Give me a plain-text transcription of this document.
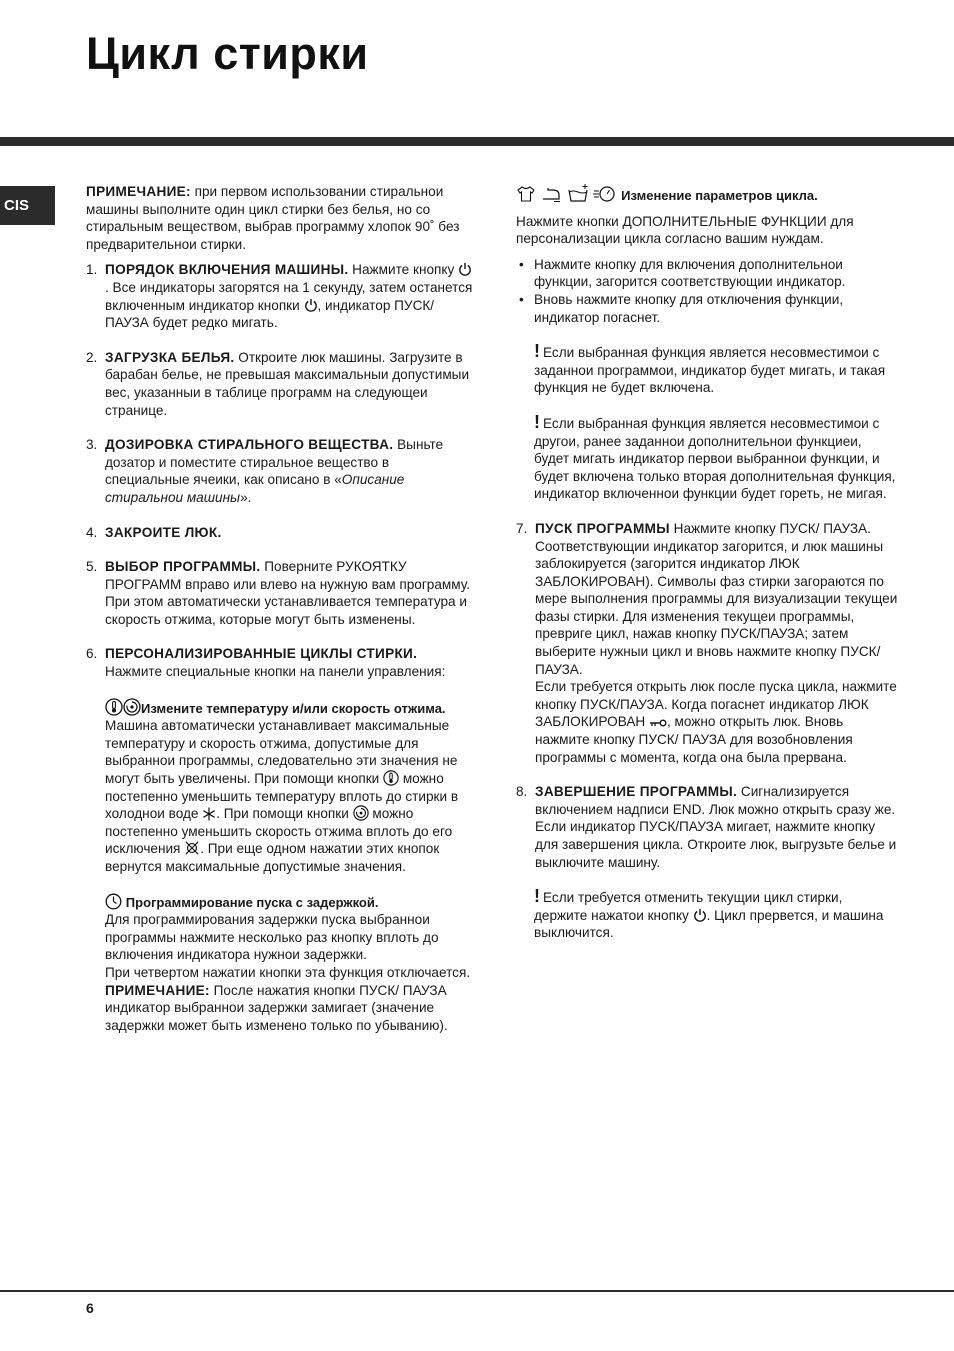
Цикл стирки
CIS

ПРИМЕЧАНИЕ: при первом использовании стиральнои машины выполните один цикл стирки без белья, но со стиральным веществом, выбрав программу хлопок 90˚ без предварительнои стирки.

1. ПОРЯДОК ВКЛЮЧЕНИЯ МАШИНЫ. Нажмите кнопку . Все индикаторы загорятся на 1 секунду, затем останется включенным индикатор кнопки , индикатор ПУСК/ПАУЗА будет редко мигать.
2. ЗАГРУЗКА БЕЛЬЯ. Откроите люк машины. Загрузите в барабан белье, не превышая максимальныи допустимыи вес, указанныи в таблице программ на следующеи странице.
3. ДОЗИРОВКА СТИРАЛЬНОГО ВЕЩЕСТВА. Выньте дозатор и поместите стиральное вещество в специальные ячеики, как описано в «Описание стиральнои машины».
4. ЗАКРОИТЕ ЛЮК.
5. ВЫБОР ПРОГРАММЫ. Поверните РУКОЯТКУ ПРОГРАММ вправо или влево на нужную вам программу. При этом автоматически устанавливается температура и скорость отжима, которые могут быть изменены.
6. ПЕРСОНАЛИЗИРОВАННЫЕ ЦИКЛЫ СТИРКИ. Нажмите специальные кнопки на панели управления:

Измените температуру и/или скорость отжима.
Машина автоматически устанавливает максимальные температуру и скорость отжима, допустимые для выбраннои программы, следовательно эти значения не могут быть увеличены. При помощи кнопки  можно постепенно уменьшить температуру вплоть до стирки в холоднои воде . При помощи кнопки  можно постепенно уменьшить скорость отжима вплоть до его исключения . При еще одном нажатии этих кнопок вернутся максимальные допустимые значения.

Программирование пуска с задержкой.
Для программирования задержки пуска выбраннои программы нажмите несколько раз кнопку вплоть до включения индикатора нужнои задержки.
При четвертом нажатии кнопки эта функция отключается.
ПРИМЕЧАНИЕ: После нажатия кнопки ПУСК/ ПАУЗА индикатор выбраннои задержки замигает (значение задержки может быть изменено только по убыванию).

Изменение параметров цикла.

Нажмите кнопки ДОПОЛНИТЕЛЬНЫЕ ФУНКЦИИ для персонализации цикла согласно вашим нуждам.

• Нажмите кнопку для включения дополнительнои функции, загорится соответствующии индикатор.
• Вновь нажмите кнопку для отключения функции, индикатор погаснет.
! Если выбранная функция является несовместимои с заданнои программои, индикатор будет мигать, и такая функция не будет включена.
! Если выбранная функция является несовместимои с другои, ранее заданнои дополнительнои функциеи, будет мигать индикатор первои выбраннои функции, и будет включена только вторая дополнительная функция, индикатор включеннои функции будет гореть, не мигая.
7. ПУСК ПРОГРАММЫ Нажмите кнопку ПУСК/ ПАУЗА. Соответствующии индикатор загорится, и люк машины заблокируется (загорится индикатор ЛЮК ЗАБЛОКИРОВАН). Символы фаз стирки загораются по мере выполнения программы для визуализации текущеи фазы стирки. Для изменения текущеи программы, превриге цикл, нажав кнопку ПУСК/ПАУЗА; затем выберите нужныи цикл и вновь нажмите кнопку ПУСК/ПАУЗА.
Если требуется открыть люк после пуска цикла, нажмите кнопку ПУСК/ПАУЗА. Когда погаснет индикатор ЛЮК ЗАБЛОКИРОВАН , можно открыть люк. Вновь нажмите кнопку ПУСК/ ПАУЗА для возобновления программы с момента, когда она была прервана.
8. ЗАВЕРШЕНИЕ ПРОГРАММЫ. Сигнализируется включением надписи END. Люк можно открыть сразу же. Если индикатор ПУСК/ПАУЗА мигает, нажмите кнопку для завершения цикла. Откроите люк, выгрузьте белье и выключите машину.
! Если требуется отменить текущии цикл стирки, держите нажатои кнопку . Цикл прервется, и машина выключится.
6
